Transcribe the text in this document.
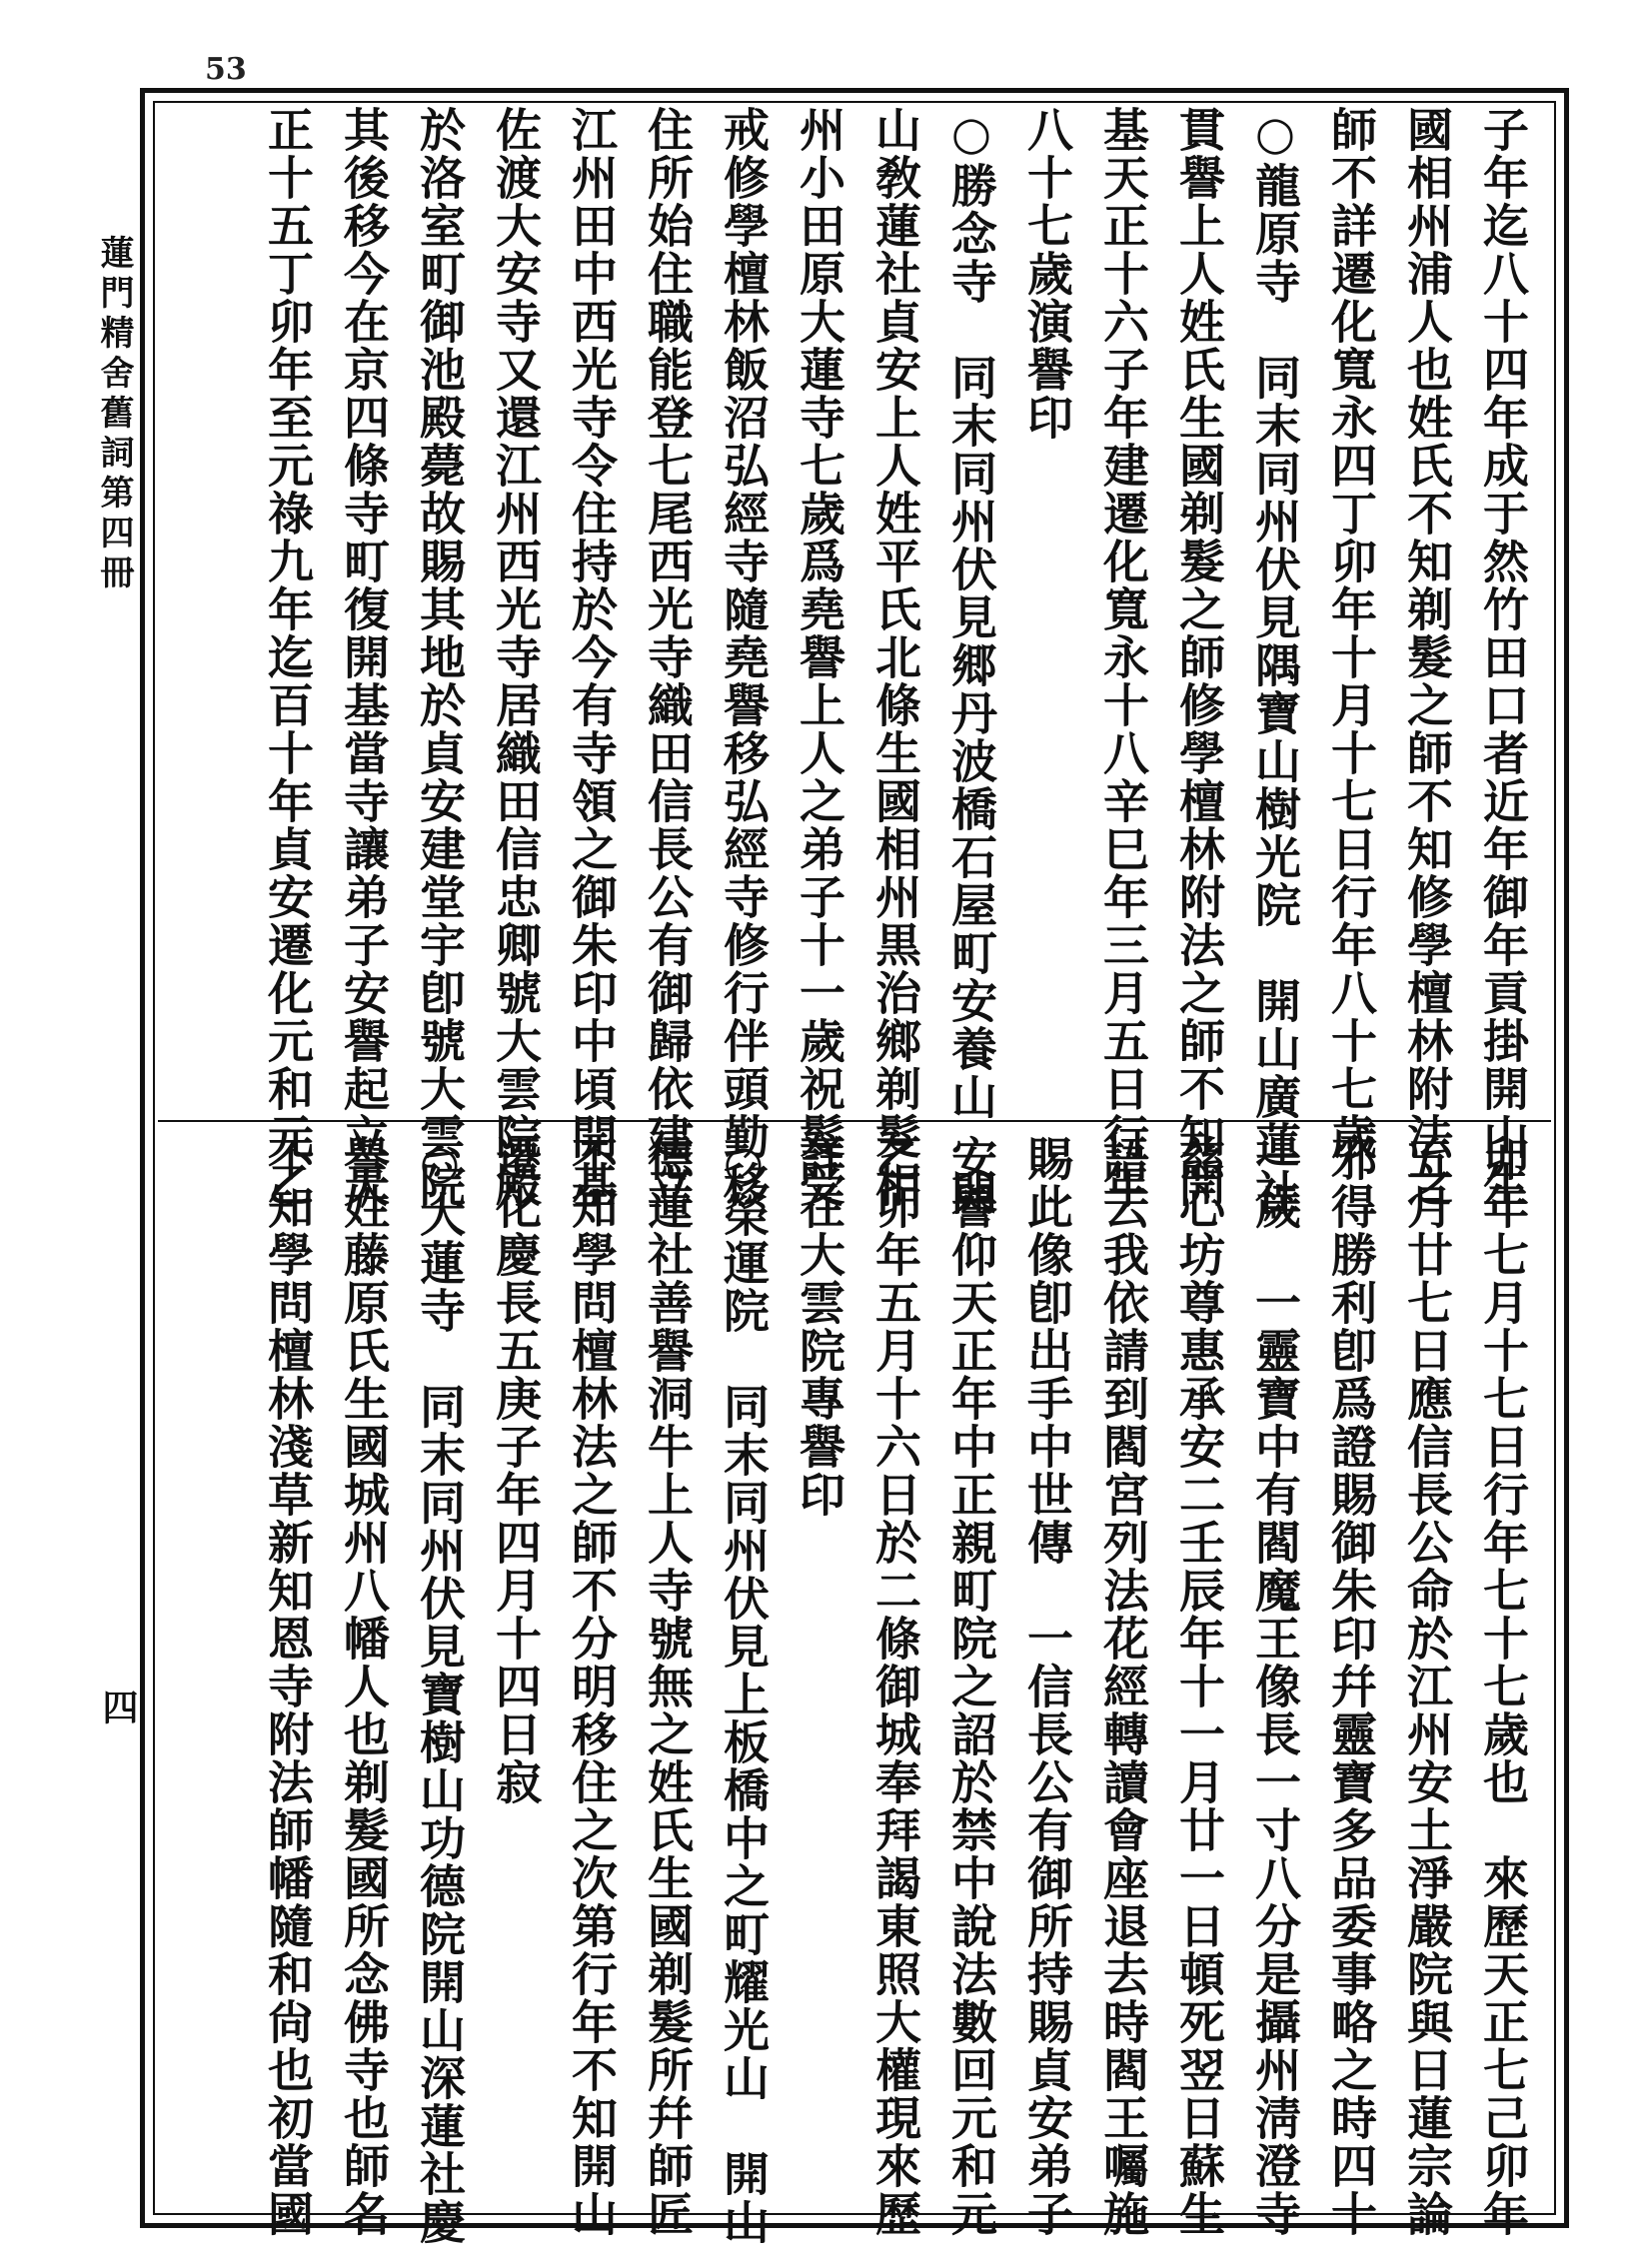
53
蓮門精舍舊詞第四冊
四
子年迄八十四年成于然竹田口者近年御年貢掛開山生
國相州浦人也姓氏不知剃髮之師不知修學檀林附法之
師不詳遷化寬永四丁卯年十月十七日行年八十七歲
○龍原寺　同末同州伏見隅寶山樹光院　開山廣蓮社
貫譽上人姓氏生國剃髮之師修學檀林附法之師不知開
基天正十六子年建遷化寬永十八辛巳年三月五日行年
八十七歲演譽印
○勝念寺　同末同州伏見郷丹波橋石屋町安養山　開
山敎蓮社貞安上人姓平氏北條生國相州黒治鄉剃髮相
州小田原大蓮寺七歲爲堯譽上人之弟子十一歲祝髮受
戒修學檀林飯沼弘經寺隨堯譽移弘經寺修行伴頭勤移
住所始住職能登七尾西光寺織田信長公有御歸依建立
江州田中西光寺令住持於今有寺領之御朱印中頃開基
佐渡大安寺又還江州西光寺居織田信忠卿號大雲院殿
於洛室町御池殿薨故賜其地於貞安建堂宇卽號大雲院
其後移今在京四條寺町復開基當寺讓弟子安譽起立天
正十五丁卯年至元祿九年迄百十年貞安遷化元和元乙
卯年七月十七日行年七十七歲也　來歷天正七己卯年
五月廿七日應信長公命於江州安土淨嚴院與日蓮宗論
邪得勝利卽爲證賜御朱印幷靈寶多品委事略之時四十
一歲　一靈寶中有閻魔王像長一寸八分是攝州淸澄寺
慈心坊尊惠承安二壬辰年十一月廿一日頓死翌日蘇生
語云我依請到閻宮列法花經轉讀會座退去時閻王囑施
賜此像卽出手中世傳　一信長公有御所持賜貞安弟子
安譽仰天正年中正親町院之詔於禁中說法數回元和元
乙卯年五月十六日於二條御城奉拜謁東照大權現來歷
詳在大雲院專譽印
○榮運院　同末同州伏見上板橋中之町耀光山　開山
德蓮社善譽洞牛上人寺號無之姓氏生國剃髮所幷師匠
不知學問檀林法之師不分明移住之次第行年不知開山
遷化慶長五庚子年四月十四日寂
○大蓮寺　同末同州伏見寶樹山功德院開山深蓮社慶
譽姓藤原氏生國城州八幡人也剃髮國所念佛寺也師名
不知學問檀林淺草新知恩寺附法師幡隨和尙也初當國
